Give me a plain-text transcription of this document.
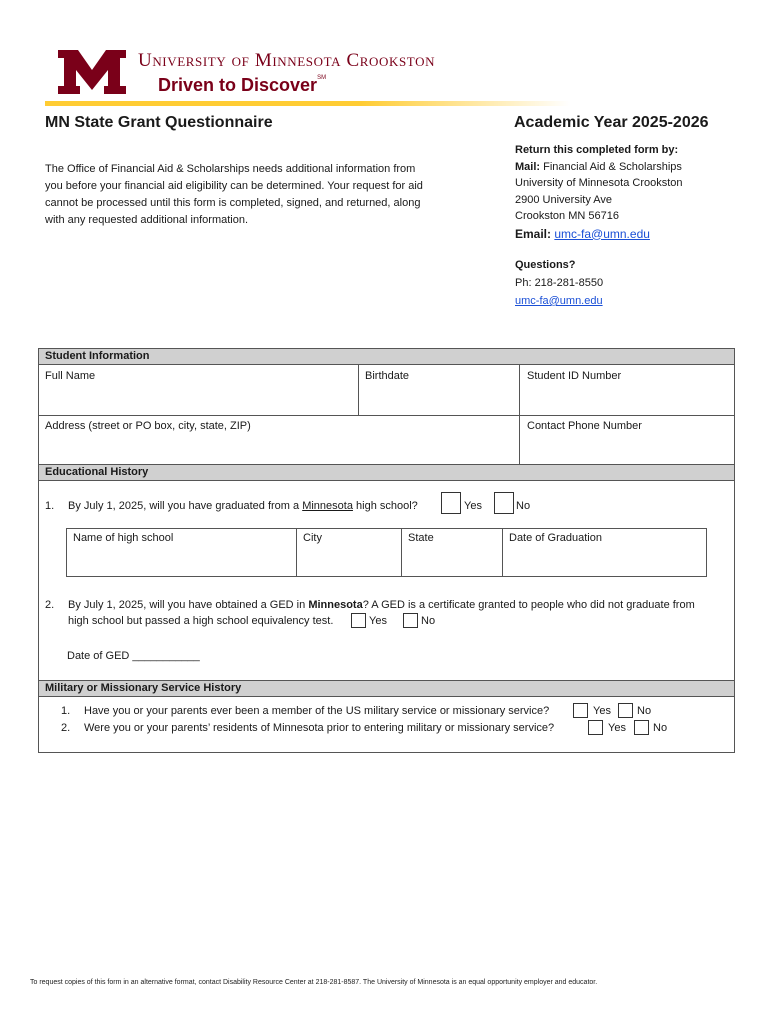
University of Minnesota Crookston
Driven to Discover℠
MN State Grant Questionnaire	Academic Year 2025-2026
The Office of Financial Aid & Scholarships needs additional information from you before your financial aid eligibility can be determined. Your request for aid cannot be processed until this form is completed, signed, and returned, along with any requested additional information.
Return this completed form by:
Mail: Financial Aid & Scholarships
University of Minnesota Crookston
2900 University Ave
Crookston MN 56716
Email: umc-fa@umn.edu
Questions?
Ph: 218-281-8550
umc-fa@umn.edu
Student Information
Full Name	Birthdate	Student ID Number
Address (street or PO box, city, state, ZIP)	Contact Phone Number
Educational History
1. By July 1, 2025, will you have graduated from a Minnesota high school?	Yes	No
Name of high school	City	State	Date of Graduation
2. By July 1, 2025, will you have obtained a GED in Minnesota? A GED is a certificate granted to people who did not graduate from
high school but passed a high school equivalency test.	Yes	No
Date of GED ___________
Military or Missionary Service History
1. Have you or your parents ever been a member of the US military service or missionary service?	Yes No
2. Were you or your parents’ residents of Minnesota prior to entering military or missionary service?	Yes No
To request copies of this form in an alternative format, contact Disability Resource Center at 218-281-8587. The University of Minnesota is an equal opportunity employer and educator.
